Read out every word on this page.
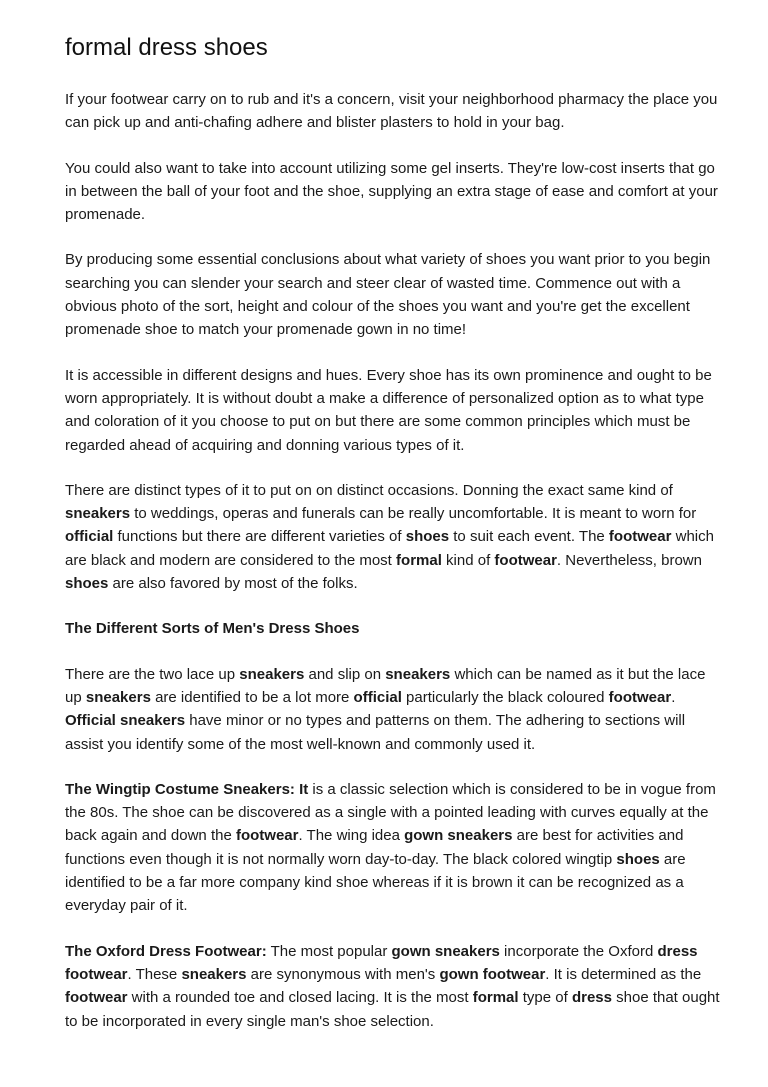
formal dress shoes

If your footwear carry on to rub and it's a concern, visit your neighborhood pharmacy the place you can pick up and anti-chafing adhere and blister plasters to hold in your bag.

You could also want to take into account utilizing some gel inserts. They're low-cost inserts that go in between the ball of your foot and the shoe, supplying an extra stage of ease and comfort at your promenade.

By producing some essential conclusions about what variety of shoes you want prior to you begin searching you can slender your search and steer clear of wasted time. Commence out with a obvious photo of the sort, height and colour of the shoes you want and you're get the excellent promenade shoe to match your promenade gown in no time!

It is accessible in different designs and hues. Every shoe has its own prominence and ought to be worn appropriately. It is without doubt a make a difference of personalized option as to what type and coloration of it you choose to put on but there are some common principles which must be regarded ahead of acquiring and donning various types of it.

There are distinct types of it to put on on distinct occasions. Donning the exact same kind of sneakers to weddings, operas and funerals can be really uncomfortable. It is meant to worn for official functions but there are different varieties of shoes to suit each event. The footwear which are black and modern are considered to the most formal kind of footwear. Nevertheless, brown shoes are also favored by most of the folks.

The Different Sorts of Men's Dress Shoes

There are the two lace up sneakers and slip on sneakers which can be named as it but the lace up sneakers are identified to be a lot more official particularly the black coloured footwear. Official sneakers have minor or no types and patterns on them. The adhering to sections will assist you identify some of the most well-known and commonly used it.

The Wingtip Costume Sneakers: It is a classic selection which is considered to be in vogue from the 80s. The shoe can be discovered as a single with a pointed leading with curves equally at the back again and down the footwear. The wing idea gown sneakers are best for activities and functions even though it is not normally worn day-to-day. The black colored wingtip shoes are identified to be a far more company kind shoe whereas if it is brown it can be recognized as a everyday pair of it.

The Oxford Dress Footwear: The most popular gown sneakers incorporate the Oxford dress footwear. These sneakers are synonymous with men's gown footwear. It is determined as the footwear with a rounded toe and closed lacing. It is the most formal type of dress shoe that ought to be incorporated in every single man's shoe selection.
